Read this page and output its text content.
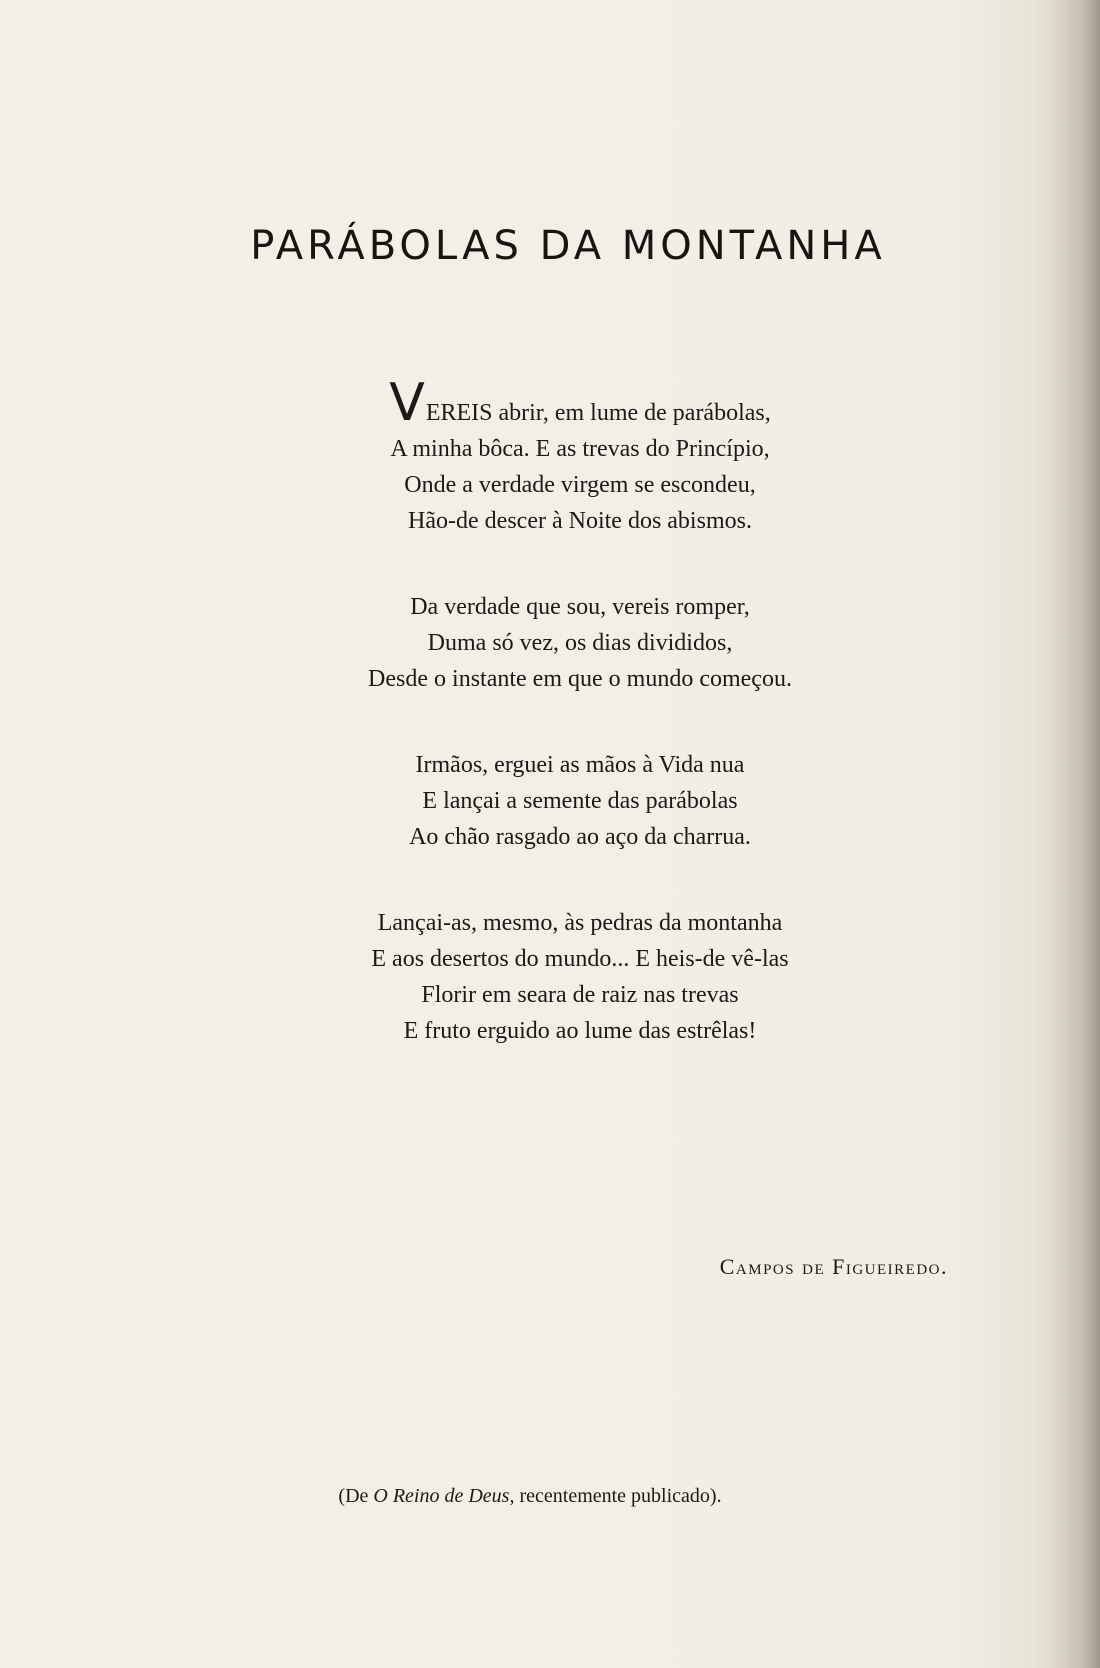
PARÁBOLAS DA MONTANHA
VEREIS abrir, em lume de parábolas,
A minha bôca. E as trevas do Princípio,
Onde a verdade virgem se escondeu,
Hão-de descer à Noite dos abismos.
Da verdade que sou, vereis romper,
Duma só vez, os dias divididos,
Desde o instante em que o mundo começou.
Irmãos, erguei as mãos à Vida nua
E lançai a semente das parábolas
Ao chão rasgado ao aço da charrua.
Lançai-as, mesmo, às pedras da montanha
E aos desertos do mundo... E heis-de vê-las
Florir em seara de raiz nas trevas
E fruto erguido ao lume das estrêlas!
Campos de Figueiredo.
(De O Reino de Deus, recentemente publicado).
